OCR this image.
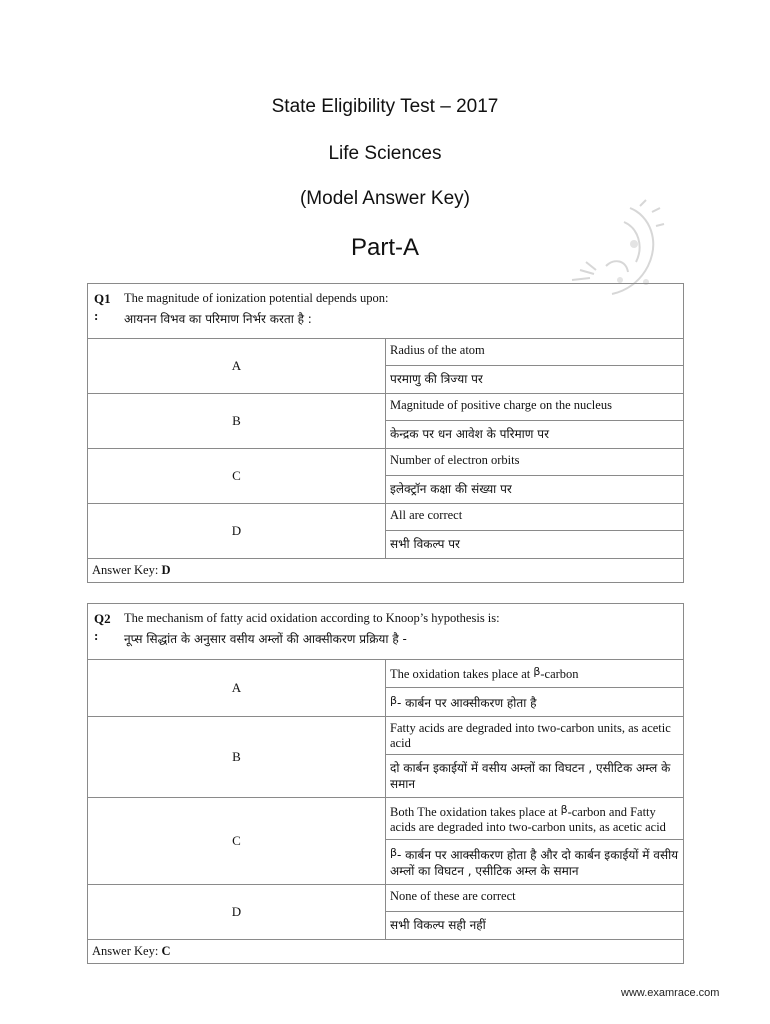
State Eligibility Test – 2017
Life Sciences
(Model Answer Key)
Part-A
Q1
:
The magnitude of ionization potential depends upon:
आयनन विभव का परिमाण निर्भर करता है :	

A	Radius of the atom
	परमाणु की त्रिज्या पर
B	Magnitude of positive charge on the nucleus
	केन्द्रक पर धन आवेश के परिमाण पर
C	Number of electron orbits
	इलेक्ट्रॉन कक्षा की संख्या पर
D	All are correct
	सभी विकल्प पर
Answer Key: D	
Q2
:
The mechanism of fatty acid oxidation according to Knoop’s hypothesis is:
नूप्स सिद्धांत के अनुसार वसीय अम्लों की आक्सीकरण प्रक्रिया है -	

A	The oxidation takes place at β-carbon
	β- कार्बन पर आक्सीकरण होता है
B	Fatty acids are degraded into two-carbon units, as acetic acid
	दो कार्बन इकाईयों में वसीय अम्लों का विघटन , एसीटिक अम्ल के समान
C	Both The oxidation takes place at β-carbon and Fatty acids are degraded into two-carbon units, as acetic acid
	β- कार्बन पर आक्सीकरण होता है और दो कार्बन इकाईयों में वसीय अम्लों का विघटन , एसीटिक अम्ल के समान
D	None of these are correct
	सभी विकल्प सही नहीं
Answer Key: C	
www.examrace.com
